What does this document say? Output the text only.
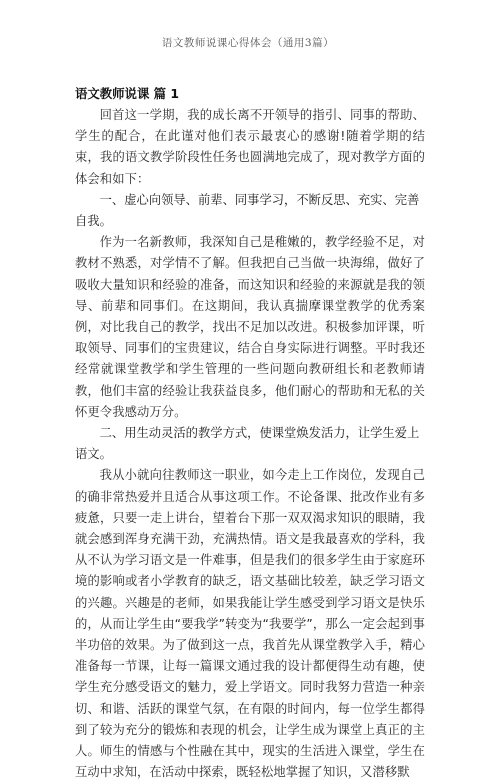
语文教师说课心得体会（通用3篇）
语文教师说课 篇 1

回首这一学期，我的成长离不开领导的指引、同事的帮助、学生的配合，在此谨对他们表示最衷心的感谢!随着学期的结束，我的语文教学阶段性任务也圆满地完成了，现对教学方面的体会和如下：

一、虚心向领导、前辈、同事学习，不断反思、充实、完善自我。

作为一名新教师，我深知自己是稚嫩的，教学经验不足，对教材不熟悉，对学情不了解。但我把自己当做一块海绵，做好了吸收大量知识和经验的准备，而这知识和经验的来源就是我的领导、前辈和同事们。在这期间，我认真揣摩课堂教学的优秀案例，对比我自己的教学，找出不足加以改进。积极参加评课，听取领导、同事们的宝贵建议，结合自身实际进行调整。平时我还经常就课堂教学和学生管理的一些问题向教研组长和老教师请教，他们丰富的经验让我获益良多，他们耐心的帮助和无私的关怀更令我感动万分。

二、用生动灵活的教学方式，使课堂焕发活力，让学生爱上语文。

我从小就向往教师这一职业，如今走上工作岗位，发现自己的确非常热爱并且适合从事这项工作。不论备课、批改作业有多疲惫，只要一走上讲台，望着台下那一双双渴求知识的眼睛，我就会感到浑身充满干劲，充满热情。语文是我最喜欢的学科，我从不认为学习语文是一件难事，但是我们的很多学生由于家庭环境的影响或者小学教育的缺乏，语文基础比较差，缺乏学习语文的兴趣。兴趣是的老师，如果我能让学生感受到学习语文是快乐的，从而让学生由“要我学”转变为“我要学”，那么一定会起到事半功倍的效果。为了做到这一点，我首先从课堂教学入手，精心准备每一节课，让每一篇课文通过我的设计都便得生动有趣，使学生充分感受语文的魅力，爱上学语文。同时我努力营造一种亲切、和谐、活跃的课堂气氛，在有限的时间内，每一位学生都得到了较为充分的锻炼和表现的机会，让学生成为课堂上真正的主人。师生的情感与个性融在其中，现实的生活进入课堂，学生在互动中求知，在活动中探索，既轻松地掌握了知识，又潜移默
